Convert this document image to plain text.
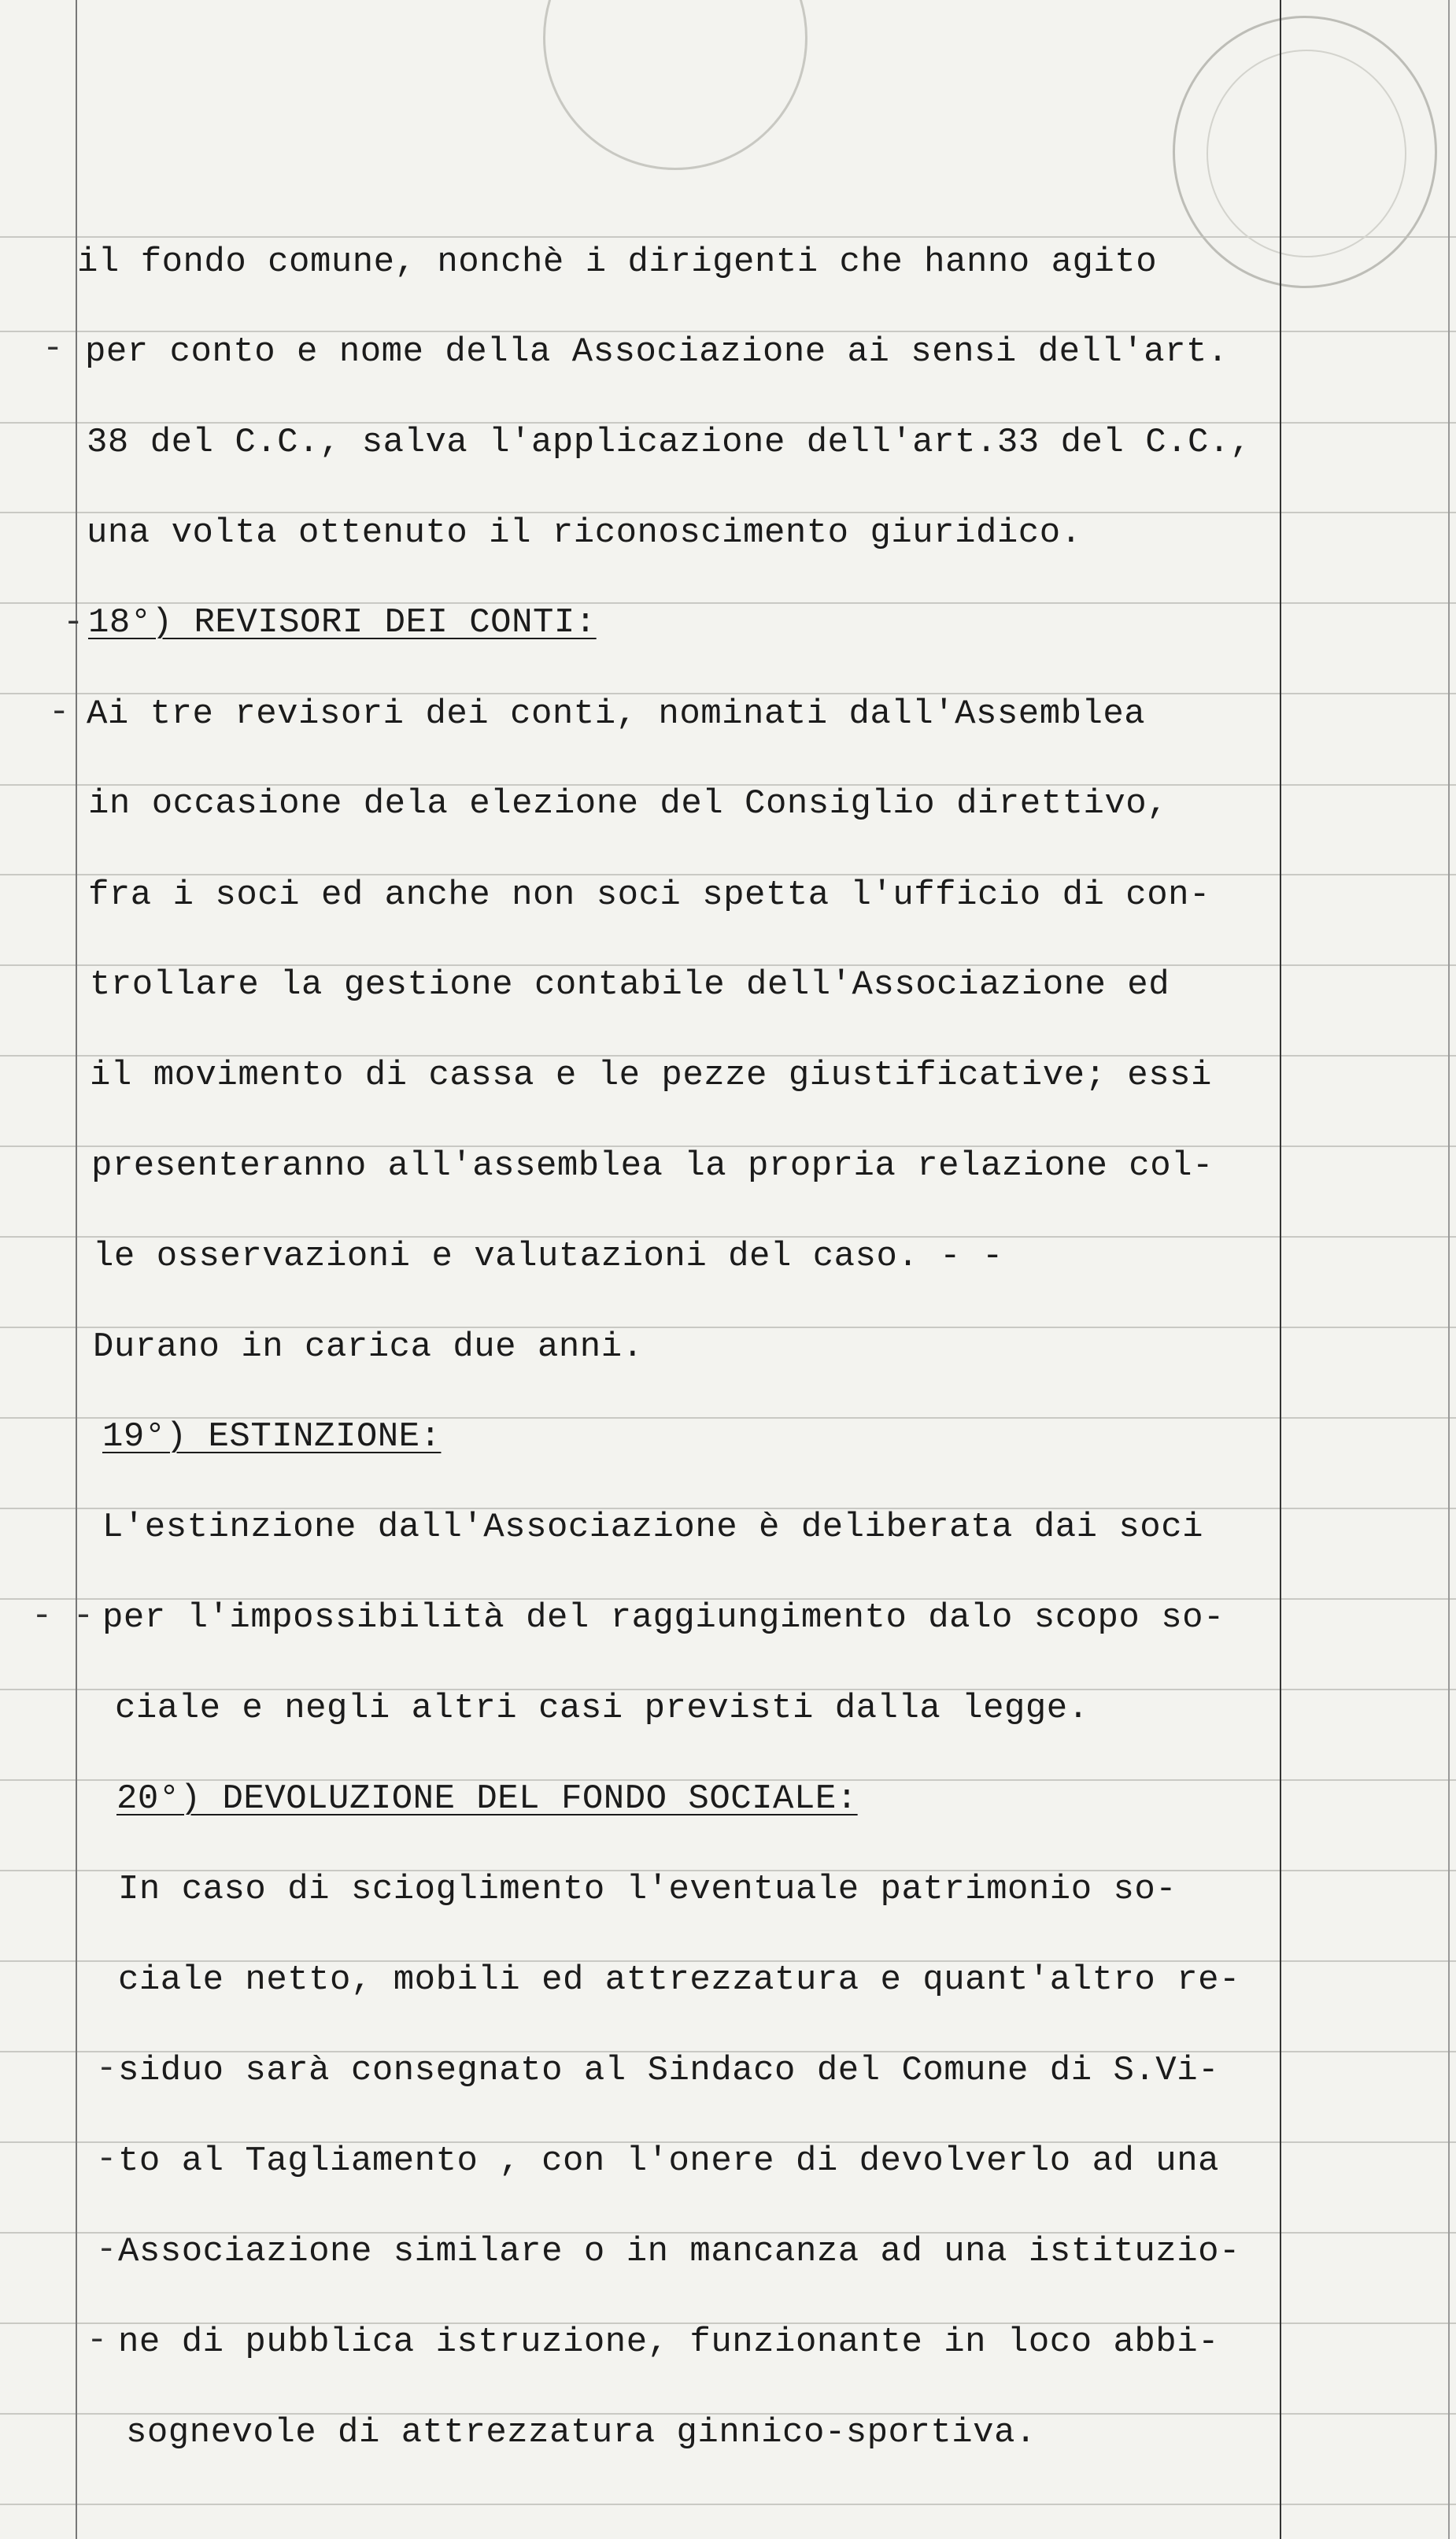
il fondo comune, nonchè i dirigenti che hanno agito
per conto e nome della Associazione ai sensi dell'art.
38 del C.C., salva l'applicazione dell'art.33 del C.C.,
una volta ottenuto il riconoscimento giuridico.
18°) REVISORI DEI CONTI:
Ai tre revisori dei conti, nominati dall'Assemblea
in occasione dela elezione del Consiglio direttivo,
fra i soci ed anche non soci spetta l'ufficio di con-
trollare la gestione contabile dell'Associazione ed
il movimento di cassa e le pezze giustificative; essi
presenteranno all'assemblea la propria relazione col-
le osservazioni e valutazioni del caso. - -
Durano in carica due anni.
19°) ESTINZIONE:
L'estinzione dall'Associazione è deliberata dai soci
per l'impossibilità del raggiungimento dalo scopo so-
ciale e negli altri casi previsti dalla legge.
20°) DEVOLUZIONE DEL FONDO SOCIALE:
In caso di scioglimento l'eventuale patrimonio so-
ciale netto, mobili ed attrezzatura e quant'altro re-
siduo sarà consegnato al Sindaco del Comune di S.Vi-
to al Tagliamento , con l'onere di devolverlo ad una
Associazione similare o in mancanza ad una istituzio-
ne di pubblica istruzione, funzionante in loco abbi-
sognevole di attrezzatura ginnico-sportiva.
-
-
-
- -
-
-
-
-
